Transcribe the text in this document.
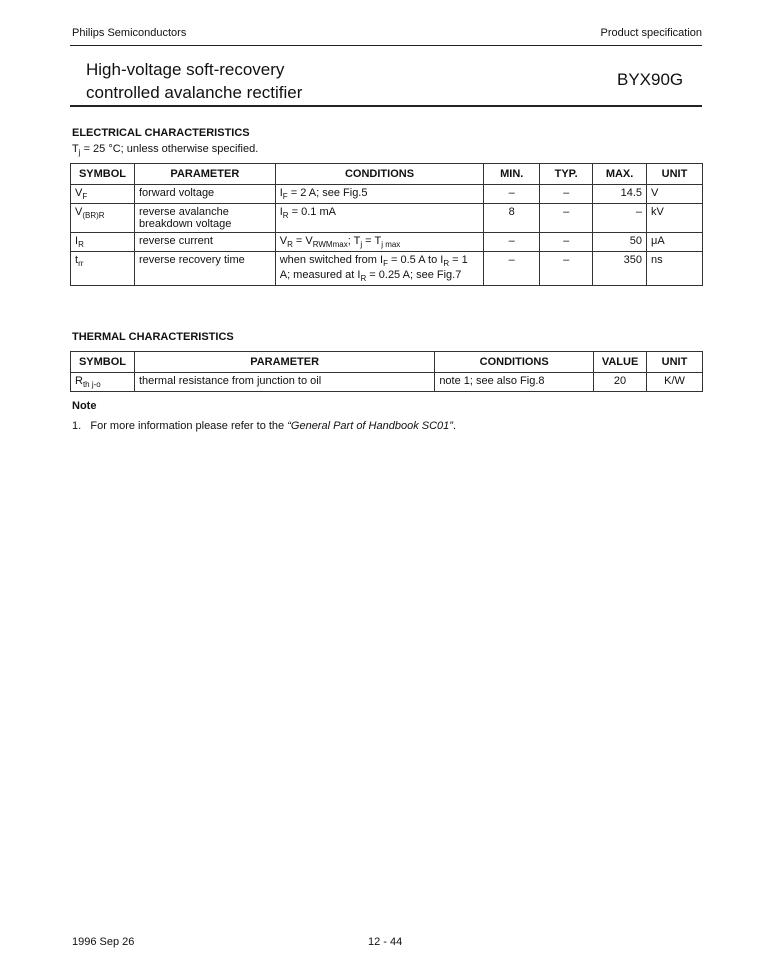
Philips Semiconductors	Product specification
High-voltage soft-recovery
controlled avalanche rectifier
BYX90G
ELECTRICAL CHARACTERISTICS
$T_j = 25$ °C; unless otherwise specified.
SYMBOL	PARAMETER	CONDITIONS	MIN.	TYP.	MAX.	UNIT
$V_F$	forward voltage	$I_F = 2$ A; see Fig.5	–	–	14.5	V
$V_{(BR)R}$	reverse avalanche breakdown voltage	$I_R = 0.1$ mA	8	–	–	kV
$I_R$	reverse current	$V_R = V_{RWMmax}$; $T_j = T_{j max}$	–	–	50	μA
$t_{rr}$	reverse recovery time	when switched from $I_F = 0.5$ A to $I_R = 1$ A; measured at $I_R = 0.25$ A; see Fig.7	–	–	350	ns
THERMAL CHARACTERISTICS
SYMBOL	PARAMETER	CONDITIONS	VALUE	UNIT
$R_{th j-o}$	thermal resistance from junction to oil	note 1; see also Fig.8	20	K/W
Note
1. For more information please refer to the “General Part of Handbook SC01”.
1996 Sep 26	12 - 44
